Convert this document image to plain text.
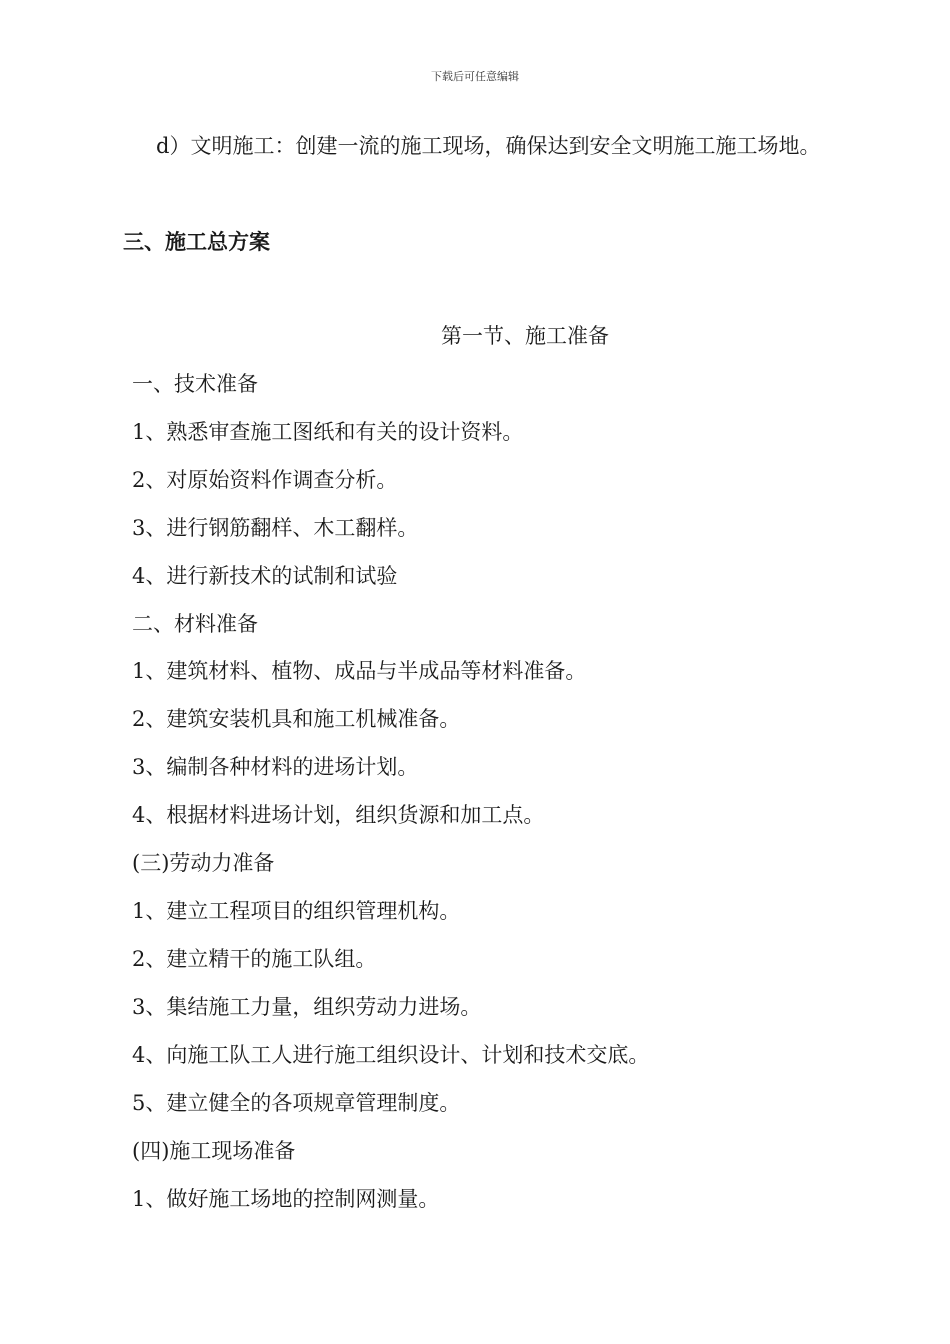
下载后可任意编辑
d）文明施工：创建一流的施工现场，确保达到安全文明施工施工场地。
三、施工总方案
第一节、施工准备
一、技术准备
1、熟悉审查施工图纸和有关的设计资料。
2、对原始资料作调查分析。
3、进行钢筋翻样、木工翻样。
4、进行新技术的试制和试验
二、材料准备
1、建筑材料、植物、成品与半成品等材料准备。
2、建筑安装机具和施工机械准备。
3、编制各种材料的进场计划。
4、根据材料进场计划，组织货源和加工点。
(三)劳动力准备
1、建立工程项目的组织管理机构。
2、建立精干的施工队组。
3、集结施工力量，组织劳动力进场。
4、向施工队工人进行施工组织设计、计划和技术交底。
5、建立健全的各项规章管理制度。
(四)施工现场准备
1、做好施工场地的控制网测量。
